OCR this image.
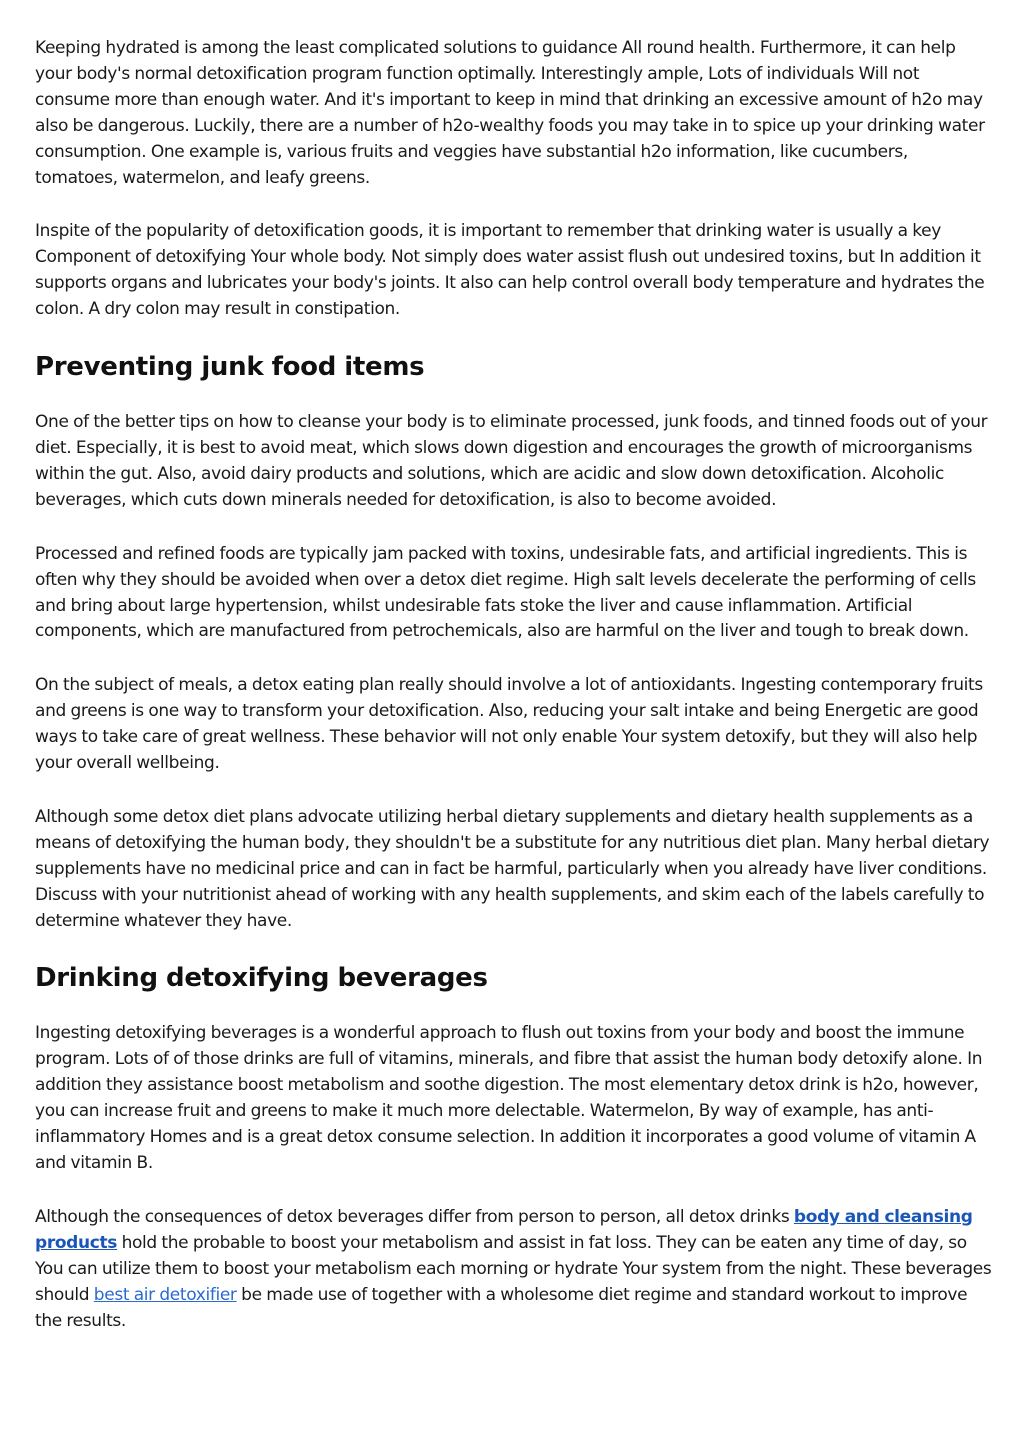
Keeping hydrated is among the least complicated solutions to guidance All round health. Furthermore, it can help your body's normal detoxification program function optimally. Interestingly ample, Lots of individuals Will not consume more than enough water. And it's important to keep in mind that drinking an excessive amount of h2o may also be dangerous. Luckily, there are a number of h2o-wealthy foods you may take in to spice up your drinking water consumption. One example is, various fruits and veggies have substantial h2o information, like cucumbers, tomatoes, watermelon, and leafy greens.

Inspite of the popularity of detoxification goods, it is important to remember that drinking water is usually a key Component of detoxifying Your whole body. Not simply does water assist flush out undesired toxins, but In addition it supports organs and lubricates your body's joints. It also can help control overall body temperature and hydrates the colon. A dry colon may result in constipation.

Preventing junk food items

One of the better tips on how to cleanse your body is to eliminate processed, junk foods, and tinned foods out of your diet. Especially, it is best to avoid meat, which slows down digestion and encourages the growth of microorganisms within the gut. Also, avoid dairy products and solutions, which are acidic and slow down detoxification. Alcoholic beverages, which cuts down minerals needed for detoxification, is also to become avoided.

Processed and refined foods are typically jam packed with toxins, undesirable fats, and artificial ingredients. This is often why they should be avoided when over a detox diet regime. High salt levels decelerate the performing of cells and bring about large hypertension, whilst undesirable fats stoke the liver and cause inflammation. Artificial components, which are manufactured from petrochemicals, also are harmful on the liver and tough to break down.

On the subject of meals, a detox eating plan really should involve a lot of antioxidants. Ingesting contemporary fruits and greens is one way to transform your detoxification. Also, reducing your salt intake and being Energetic are good ways to take care of great wellness. These behavior will not only enable Your system detoxify, but they will also help your overall wellbeing.

Although some detox diet plans advocate utilizing herbal dietary supplements and dietary health supplements as a means of detoxifying the human body, they shouldn't be a substitute for any nutritious diet plan. Many herbal dietary supplements have no medicinal price and can in fact be harmful, particularly when you already have liver conditions. Discuss with your nutritionist ahead of working with any health supplements, and skim each of the labels carefully to determine whatever they have.

Drinking detoxifying beverages

Ingesting detoxifying beverages is a wonderful approach to flush out toxins from your body and boost the immune program. Lots of of those drinks are full of vitamins, minerals, and fibre that assist the human body detoxify alone. In addition they assistance boost metabolism and soothe digestion. The most elementary detox drink is h2o, however, you can increase fruit and greens to make it much more delectable. Watermelon, By way of example, has anti-inflammatory Homes and is a great detox consume selection. In addition it incorporates a good volume of vitamin A and vitamin B.

Although the consequences of detox beverages differ from person to person, all detox drinks body and cleansing products hold the probable to boost your metabolism and assist in fat loss. They can be eaten any time of day, so You can utilize them to boost your metabolism each morning or hydrate Your system from the night. These beverages should best air detoxifier be made use of together with a wholesome diet regime and standard workout to improve the results.
